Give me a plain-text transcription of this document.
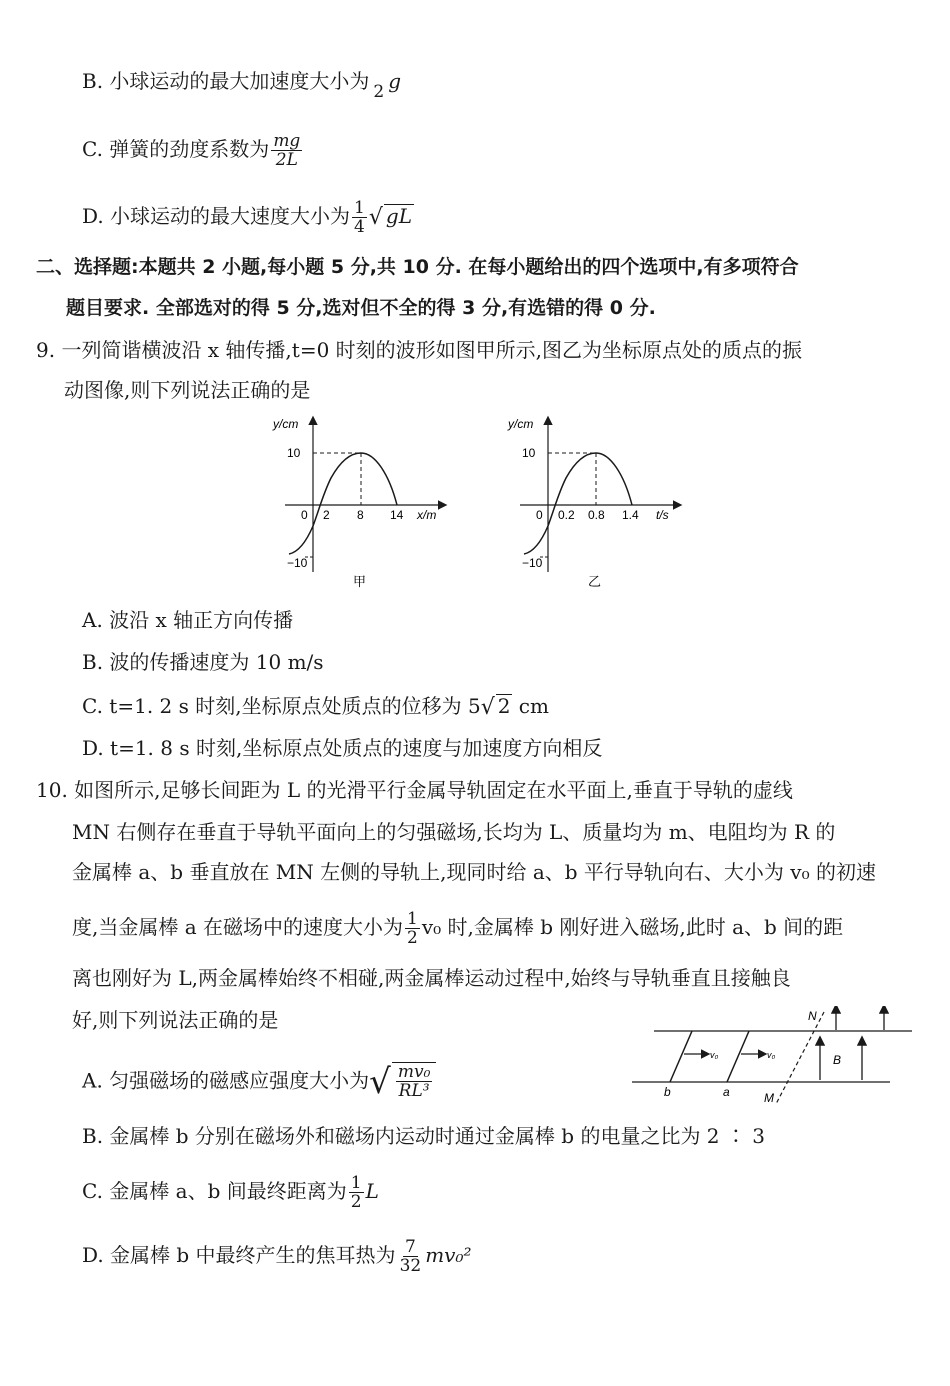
B. 小球运动的最大加速度大小为
2 g
C. 弹簧的劲度系数为 $\frac{mg}{2L}$
D. 小球运动的最大速度大小为 $\frac{1}{4}$ √ gL
二、选择题:本题共 2 小题,每小题 5 分,共 10 分. 在每小题给出的四个选项中,有多项符合
题目要求. 全部选对的得 5 分,选对但不全的得 3 分,有选错的得 0 分.
9. 一列简谐横波沿 x 轴传播,t=0 时刻的波形如图甲所示,图乙为坐标原点处的质点的振
动图像,则下列说法正确的是
y/cm
10
−10
0 2 8 14 x/m
甲
y/cm
10
−10
0 0.2 0.8 1.4 t/s
乙
A. 波沿 x 轴正方向传播
B. 波的传播速度为 10 m/s
C. t=1. 2 s 时刻,坐标原点处质点的位移为 5 √ 2 cm
D. t=1. 8 s 时刻,坐标原点处质点的速度与加速度方向相反
10. 如图所示,足够长间距为 L 的光滑平行金属导轨固定在水平面上,垂直于导轨的虚线
MN 右侧存在垂直于导轨平面向上的匀强磁场,长均为 L、质量均为 m、电阻均为 R 的
金属棒 a、b 垂直放在 MN 左侧的导轨上,现同时给 a、b 平行导轨向右、大小为 v₀ 的初速
度,当金属棒 a 在磁场中的速度大小为 $\frac{1}{2} v_0$ 时,金属棒 b 刚好进入磁场,此时 a、b 间的距
离也刚好为 L,两金属棒始终不相碰,两金属棒运动过程中,始终与导轨垂直且接触良
好,则下列说法正确的是	N
M
a
b
B
v₀	v₀
A. 匀强磁场的磁感应强度大小为 √ $\frac{\text{mv₀}}{\text{RL³}}$
B. 金属棒 b 分别在磁场外和磁场内运动时通过金属棒 b 的电量之比为 2 ∶ 3
C. 金属棒 a、b 间最终距离为 $\frac{1}{2}$ L
D. 金属棒 b 中最终产生的焦耳热为 $\frac{7}{32} mv_0^2$
